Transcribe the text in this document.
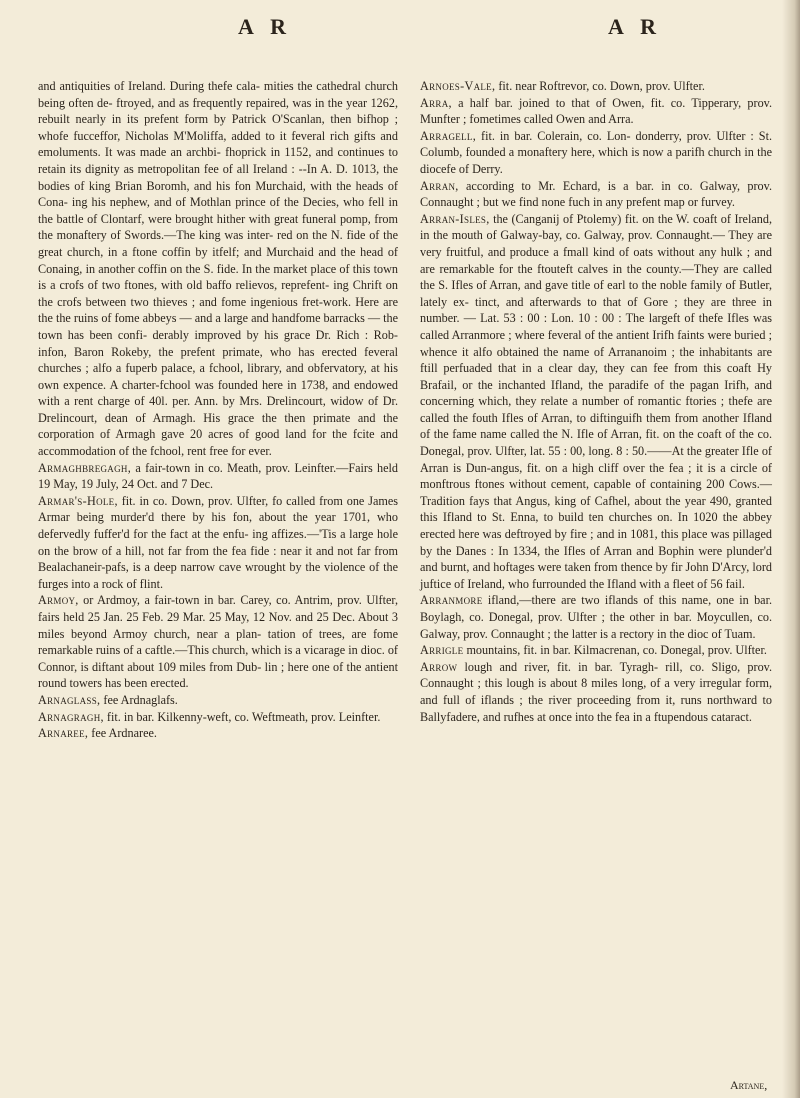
A R	A R
and antiquities of Ireland. During thefe cala- mities the cathedral church being often de- ftroyed, and as frequently repaired, was in the year 1262, rebuilt nearly in its prefent form by Patrick O'Scanlan, then bifhop ; whofe fucceffor, Nicholas M'Moliffa, added to it feveral rich gifts and emoluments. It was made an archbi- fhoprick in 1152, and continues to retain its dignity as metropolitan fee of all Ireland : --In A. D. 1013, the bodies of king Brian Boromh, and his fon Murchaid, with the heads of Cona- ing his nephew, and of Mothlan prince of the Decies, who fell in the battle of Clontarf, were brought hither with great funeral pomp, from the monaftery of Swords.—The king was inter- red on the N. fide of the great church, in a ftone coffin by itfelf; and Murchaid and the head of Conaing, in another coffin on the S. fide. In the market place of this town is a crofs of two ftones, with old baffo relievos, reprefent- ing Chrift on the crofs between two thieves ; and fome ingenious fret-work. Here are the the ruins of fome abbeys — and a large and handfome barracks — the town has been confi- derably improved by his grace Dr. Rich : Rob- infon, Baron Rokeby, the prefent primate, who has erected feveral churches ; alfo a fuperb palace, a fchool, library, and obfervatory, at his own expence. A charter-fchool was founded here in 1738, and endowed with a rent charge of 40l. per. Ann. by Mrs. Drelincourt, widow of Dr. Drelincourt, dean of Armagh. His grace the then primate and the corporation of Armagh gave 20 acres of good land for the fcite and accommodation of the fchool, rent free for ever.
Armaghbregagh, a fair-town in co. Meath, prov. Leinfter.—Fairs held 19 May, 19 July, 24 Oct. and 7 Dec.
Armar's-Hole, fit. in co. Down, prov. Ulfter, fo called from one James Armar being murder'd there by his fon, about the year 1701, who defervedly fuffer'd for the fact at the enfu- ing affizes.—'Tis a large hole on the brow of a hill, not far from the fea fide : near it and not far from Bealachaneir-pafs, is a deep narrow cave wrought by the violence of the furges into a rock of flint.
Armoy, or Ardmoy, a fair-town in bar. Carey, co. Antrim, prov. Ulfter, fairs held 25 Jan. 25 Feb. 29 Mar. 25 May, 12 Nov. and 25 Dec. About 3 miles beyond Armoy church, near a plan- tation of trees, are fome remarkable ruins of a caftle.—This church, which is a vicarage in dioc. of Connor, is diftant about 109 miles from Dub- lin ; here one of the antient round towers has been erected.
Arnaglass, fee Ardnaglafs.
Arnagragh, fit. in bar. Kilkenny-weft, co. Weftmeath, prov. Leinfter.
Arnaree, fee Ardnaree.
Arnoes-Vale, fit. near Roftrevor, co. Down, prov. Ulfter.
Arra, a half bar. joined to that of Owen, fit. co. Tipperary, prov. Munfter ; fometimes called Owen and Arra.
Arragell, fit. in bar. Colerain, co. Lon- donderry, prov. Ulfter : St. Columb, founded a monaftery here, which is now a parifh church in the diocefe of Derry.
Arran, according to Mr. Echard, is a bar. in co. Galway, prov. Connaught ; but we find none fuch in any prefent map or furvey.
Arran-Isles, the (Canganij of Ptolemy) fit. on the W. coaft of Ireland, in the mouth of Galway-bay, co. Galway, prov. Connaught.— They are very fruitful, and produce a fmall kind of oats without any hulk ; and are remarkable for the ftouteft calves in the county.—They are called the S. Ifles of Arran, and gave title of earl to the noble family of Butler, lately ex- tinct, and afterwards to that of Gore ; they are three in number. — Lat. 53 : 00 : Lon. 10 : 00 : The largeft of thefe Ifles was called Arranmore ; where feveral of the antient Irifh faints were buried ; whence it alfo obtained the name of Arrananoim ; the inhabitants are ftill perfuaded that in a clear day, they can fee from this coaft Hy Brafail, or the inchanted Ifland, the paradife of the pagan Irifh, and concerning which, they relate a number of romantic ftories ; thefe are called the fouth Ifles of Arran, to diftinguifh them from another Ifland of the fame name called the N. Ifle of Arran, fit. on the coaft of the co. Donegal, prov. Ulfter, lat. 55 : 00, long. 8 : 50.——At the greater Ifle of Arran is Dun-angus, fit. on a high cliff over the fea ; it is a circle of monftrous ftones without cement, capable of containing 200 Cows.—Tradition fays that Angus, king of Cafhel, about the year 490, granted this Ifland to St. Enna, to build ten churches on. In 1020 the abbey erected here was deftroyed by fire ; and in 1081, this place was pillaged by the Danes : In 1334, the Ifles of Arran and Bophin were plunder'd and burnt, and hoftages were taken from thence by fir John D'Arcy, lord juftice of Ireland, who furrounded the Ifland with a fleet of 56 fail.
Arranmore ifland,—there are two iflands of this name, one in bar. Boylagh, co. Donegal, prov. Ulfter ; the other in bar. Moycullen, co. Galway, prov. Connaught ; the latter is a rectory in the dioc of Tuam.
Arrigle mountains, fit. in bar. Kilmacrenan, co. Donegal, prov. Ulfter.
Arrow lough and river, fit. in bar. Tyragh- rill, co. Sligo, prov. Connaught ; this lough is about 8 miles long, of a very irregular form, and full of iflands ; the river proceeding from it, runs northward to Ballyfadere, and rufhes at once into the fea in a ftupendous cataract.
Artane,
